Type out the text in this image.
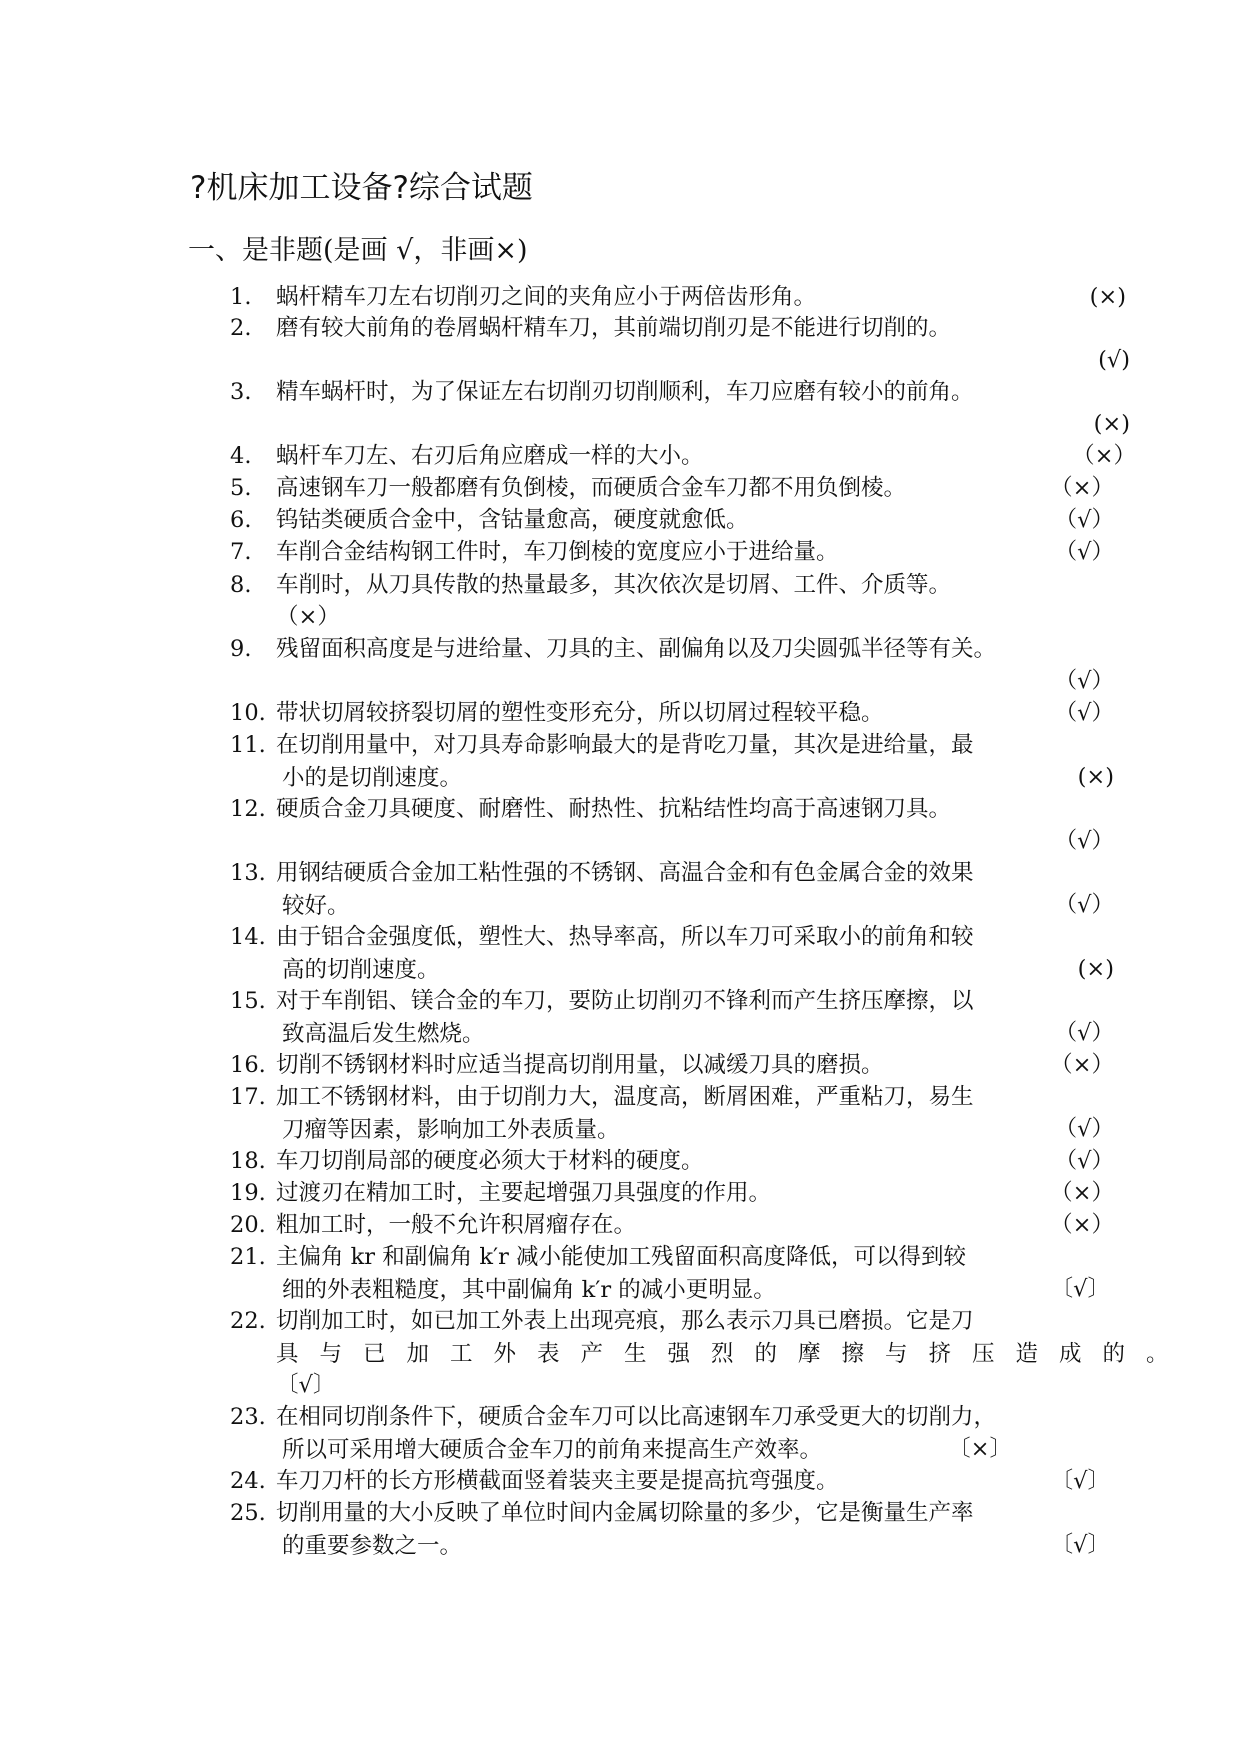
?机床加工设备?综合试题
一、是非题(是画 √，非画×)
1.	蜗杆精车刀左右切削刃之间的夹角应小于两倍齿形角。	(×)
2.	磨有较大前角的卷屑蜗杆精车刀，其前端切削刃是不能进行切削的。
(√)
3.	精车蜗杆时，为了保证左右切削刃切削顺利，车刀应磨有较小的前角。
(×)
4.	蜗杆车刀左、右刃后角应磨成一样的大小。	（×）
5.	高速钢车刀一般都磨有负倒棱，而硬质合金车刀都不用负倒棱。	（×）
6.	钨钴类硬质合金中，含钴量愈高，硬度就愈低。	（√）
7.	车削合金结构钢工件时，车刀倒棱的宽度应小于进给量。	（√）
8.	车削时，从刀具传散的热量最多，其次依次是切屑、工件、介质等。
（×）
9.	残留面积高度是与进给量、刀具的主、副偏角以及刀尖圆弧半径等有关。
（√）
10. 带状切屑较挤裂切屑的塑性变形充分，所以切屑过程较平稳。	（√）
11. 在切削用量中，对刀具寿命影响最大的是背吃刀量，其次是进给量，最
小的是切削速度。	(×)
12. 硬质合金刀具硬度、耐磨性、耐热性、抗粘结性均高于高速钢刀具。
（√）
13. 用钢结硬质合金加工粘性强的不锈钢、高温合金和有色金属合金的效果
较好。	（√）
14. 由于铝合金强度低，塑性大、热导率高，所以车刀可采取小的前角和较
高的切削速度。	(×)
15. 对于车削铝、镁合金的车刀，要防止切削刃不锋利而产生挤压摩擦，以
致高温后发生燃烧。	（√）
16. 切削不锈钢材料时应适当提高切削用量，以减缓刀具的磨损。	（×）
17. 加工不锈钢材料，由于切削力大，温度高，断屑困难，严重粘刀，易生
刀瘤等因素，影响加工外表质量。	（√）
18. 车刀切削局部的硬度必须大于材料的硬度。	（√）
19. 过渡刃在精加工时，主要起增强刀具强度的作用。	（×）
20. 粗加工时，一般不允许积屑瘤存在。	（×）
21. 主偏角 kr 和副偏角 k′r 减小能使加工残留面积高度降低，可以得到较
细的外表粗糙度，其中副偏角 k′r 的减小更明显。	〔√〕
22. 切削加工时，如已加工外表上出现亮痕，那么表示刀具已磨损。它是刀
具与已加工外表产生强烈的摩擦与挤压造成的。
〔√〕
23. 在相同切削条件下，硬质合金车刀可以比高速钢车刀承受更大的切削力，
所以可采用增大硬质合金车刀的前角来提高生产效率。	〔×〕
24. 车刀刀杆的长方形横截面竖着装夹主要是提高抗弯强度。	〔√〕
25. 切削用量的大小反映了单位时间内金属切除量的多少，它是衡量生产率
的重要参数之一。	〔√〕
